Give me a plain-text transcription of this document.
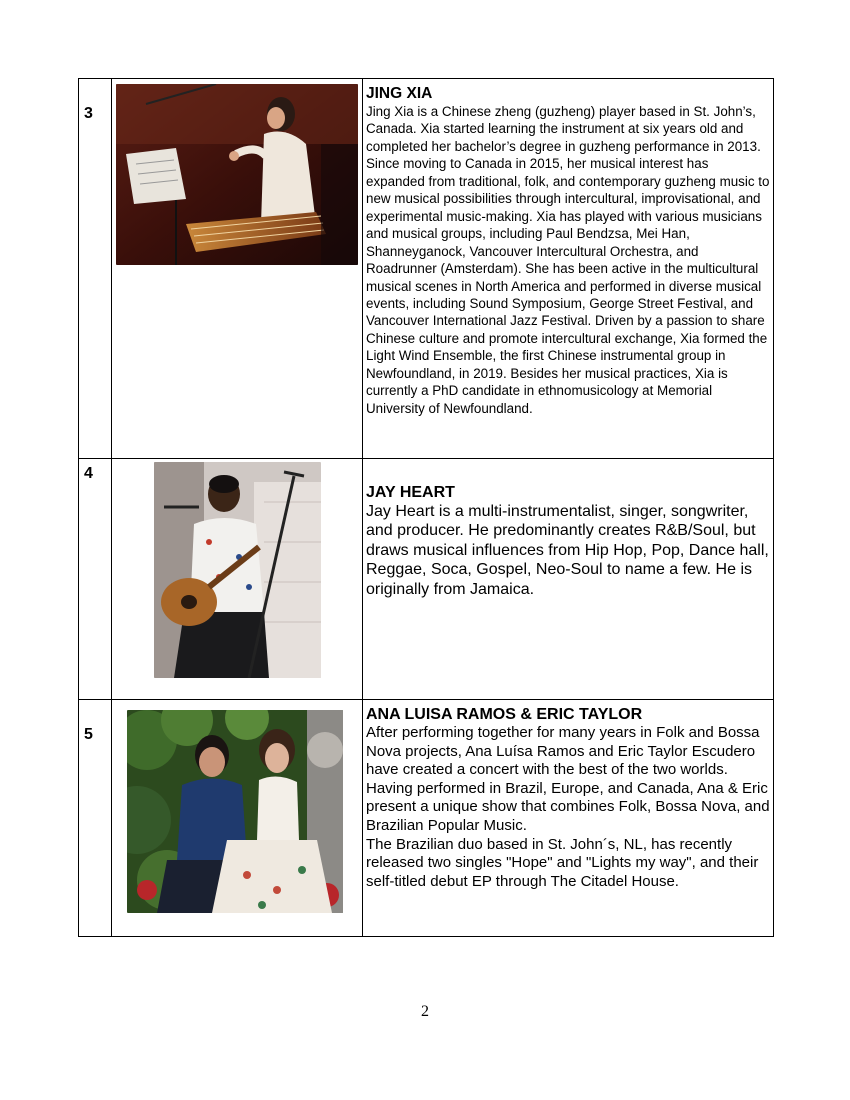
3		JING XIA
Jing Xia is a Chinese zheng (guzheng) player based in St. John’s, Canada. Xia started learning the instrument at six years old and completed her bachelor’s degree in guzheng performance in 2013. Since moving to Canada in 2015, her musical interest has expanded from traditional, folk, and contemporary guzheng music to new musical possibilities through intercultural, improvisational, and experimental music-making. Xia has played with various musicians and musical groups, including Paul Bendzsa, Mei Han, Shanneyganock, Vancouver Intercultural Orchestra, and Roadrunner (Amsterdam). She has been active in the multicultural musical scenes in North America and performed in diverse musical events, including Sound Symposium, George Street Festival, and Vancouver International Jazz Festival. Driven by a passion to share Chinese culture and promote intercultural exchange, Xia formed the Light Wind Ensemble, the first Chinese instrumental group in Newfoundland, in 2019. Besides her musical practices, Xia is currently a PhD candidate in ethnomusicology at Memorial University of Newfoundland.

4		JAY HEART
Jay Heart is a multi-instrumentalist, singer, songwriter, and producer. He predominantly creates R&B/Soul, but draws musical influences from Hip Hop, Pop, Dance hall, Reggae, Soca, Gospel, Neo-Soul to name a few. He is originally from Jamaica.

5		ANA LUISA RAMOS & ERIC TAYLOR
After performing together for many years in Folk and Bossa Nova projects, Ana Luísa Ramos and Eric Taylor Escudero have created a concert with the best of the two worlds.
Having performed in Brazil, Europe, and Canada, Ana & Eric present a unique show that combines Folk, Bossa Nova, and Brazilian Popular Music.
The Brazilian duo based in St. John´s, NL, has recently released two singles "Hope" and "Lights my way", and their self-titled debut EP through The Citadel House.
2
